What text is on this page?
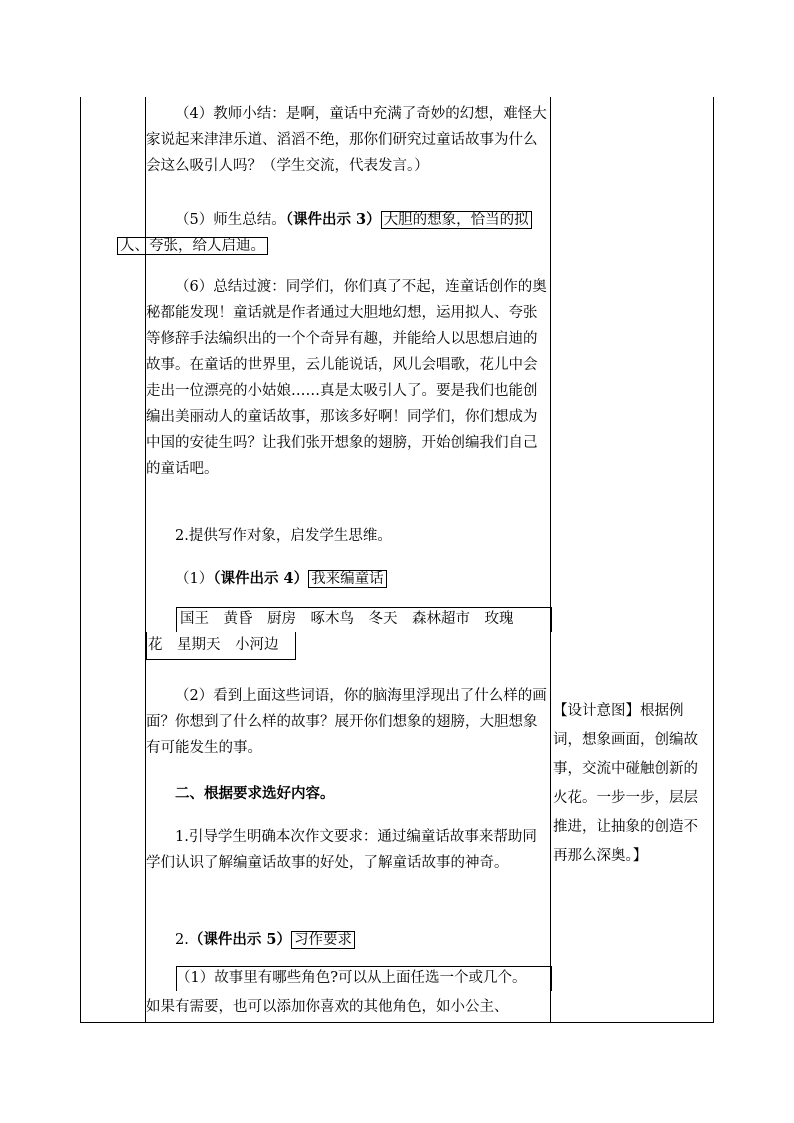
（4）教师小结：是啊，童话中充满了奇妙的幻想，难怪大家说起来津津乐道、滔滔不绝，那你们研究过童话故事为什么会这么吸引人吗？（学生交流，代表发言。）

（5）师生总结。（课件出示 3） 大胆的想象，恰当的拟
人、夸张，给人启迪。

（6）总结过渡：同学们，你们真了不起，连童话创作的奥秘都能发现！童话就是作者通过大胆地幻想，运用拟人、夸张等修辞手法编织出的一个个奇异有趣，并能给人以思想启迪的故事。在童话的世界里，云儿能说话，风儿会唱歌，花儿中会走出一位漂亮的小姑娘……真是太吸引人了。要是我们也能创编出美丽动人的童话故事，那该多好啊！同学们，你们想成为中国的安徒生吗？让我们张开想象的翅膀，开始创编我们自己的童话吧。

2.提供写作对象，启发学生思维。

（1）（课件出示 4） 我来编童话

国王　黄昏　厨房　啄木鸟　冬天　森林超市　玫瑰
花　星期天　小河边

（2）看到上面这些词语，你的脑海里浮现出了什么样的画面？你想到了什么样的故事？展开你们想象的翅膀，大胆想象有可能发生的事。

二、根据要求选好内容。

1.引导学生明确本次作文要求：通过编童话故事来帮助同学们认识了解编童话故事的好处，了解童话故事的神奇。

2.（课件出示 5） 习作要求

（1）故事里有哪些角色?可以从上面任选一个或几个。

如果有需要，也可以添加你喜欢的其他角色，如小公主、

【设计意图】根据例词，想象画面，创编故事，交流中碰触创新的火花。一步一步，层层推进，让抽象的创造不再那么深奥。】
